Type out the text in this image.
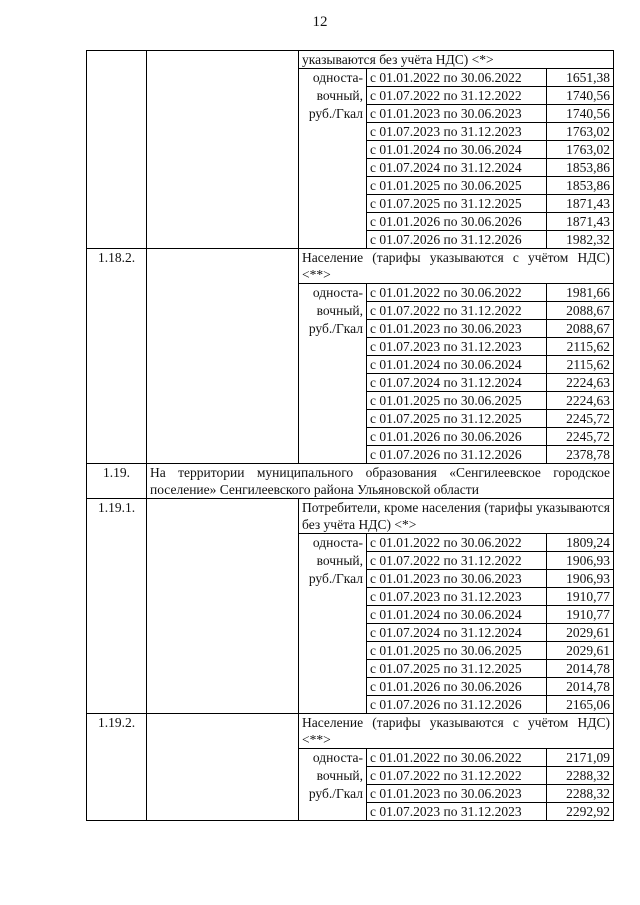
12
		указываются без учёта НДС) <*>		
		односта-вочный, руб./Гкал	с 01.01.2022 по 30.06.2022	1651,38
			с 01.07.2022 по 31.12.2022	1740,56
			с 01.01.2023 по 30.06.2023	1740,56
			с 01.07.2023 по 31.12.2023	1763,02
			с 01.01.2024 по 30.06.2024	1763,02
			с 01.07.2024 по 31.12.2024	1853,86
			с 01.01.2025 по 30.06.2025	1853,86
			с 01.07.2025 по 31.12.2025	1871,43
			с 01.01.2026 по 30.06.2026	1871,43
			с 01.07.2026 по 31.12.2026	1982,32
1.18.2.		Население (тарифы указываются с учётом НДС) <**>		
		односта-вочный, руб./Гкал	с 01.01.2022 по 30.06.2022	1981,66
			с 01.07.2022 по 31.12.2022	2088,67
			с 01.01.2023 по 30.06.2023	2088,67
			с 01.07.2023 по 31.12.2023	2115,62
			с 01.01.2024 по 30.06.2024	2115,62
			с 01.07.2024 по 31.12.2024	2224,63
			с 01.01.2025 по 30.06.2025	2224,63
			с 01.07.2025 по 31.12.2025	2245,72
			с 01.01.2026 по 30.06.2026	2245,72
			с 01.07.2026 по 31.12.2026	2378,78
1.19.	На территории муниципального образования «Сенгилеевское городское поселение» Сенгилеевского района Ульяновской области			
1.19.1.		Потребители, кроме населения (тарифы указываются без учёта НДС) <*>		
		односта-вочный, руб./Гкал	с 01.01.2022 по 30.06.2022	1809,24
			с 01.07.2022 по 31.12.2022	1906,93
			с 01.01.2023 по 30.06.2023	1906,93
			с 01.07.2023 по 31.12.2023	1910,77
			с 01.01.2024 по 30.06.2024	1910,77
			с 01.07.2024 по 31.12.2024	2029,61
			с 01.01.2025 по 30.06.2025	2029,61
			с 01.07.2025 по 31.12.2025	2014,78
			с 01.01.2026 по 30.06.2026	2014,78
			с 01.07.2026 по 31.12.2026	2165,06
1.19.2.		Население (тарифы указываются с учётом НДС) <**>		
		односта-вочный, руб./Гкал	с 01.01.2022 по 30.06.2022	2171,09
			с 01.07.2022 по 31.12.2022	2288,32
			с 01.01.2023 по 30.06.2023	2288,32
			с 01.07.2023 по 31.12.2023	2292,92
